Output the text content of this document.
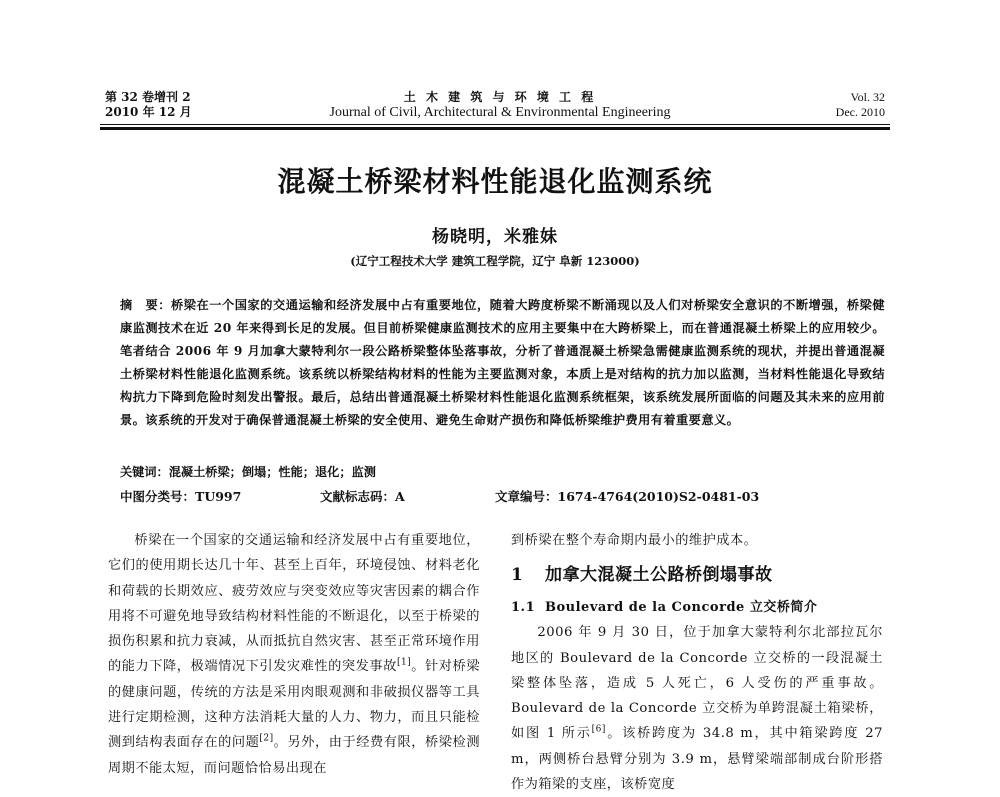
第 32 卷增刊 2
2010 年 12 月
土 木 建 筑 与 环 境 工 程
Journal of Civil, Architectural & Environmental Engineering
Vol. 32
Dec. 2010
混凝土桥梁材料性能退化监测系统
杨晓明，米雅妹
(辽宁工程技术大学 建筑工程学院，辽宁 阜新 123000)
摘　要：桥梁在一个国家的交通运输和经济发展中占有重要地位，随着大跨度桥梁不断涌现以及人们对桥梁安全意识的不断增强，桥梁健康监测技术在近 20 年来得到长足的发展。但目前桥梁健康监测技术的应用主要集中在大跨桥梁上，而在普通混凝土桥梁上的应用较少。笔者结合 2006 年 9 月加拿大蒙特利尔一段公路桥梁整体坠落事故，分析了普通混凝土桥梁急需健康监测系统的现状，并提出普通混凝土桥梁材料性能退化监测系统。该系统以桥梁结构材料的性能为主要监测对象，本质上是对结构的抗力加以监测，当材料性能退化导致结构抗力下降到危险时刻发出警报。最后，总结出普通混凝土桥梁材料性能退化监测系统框架，该系统发展所面临的问题及其未来的应用前景。该系统的开发对于确保普通混凝土桥梁的安全使用、避免生命财产损伤和降低桥梁维护费用有着重要意义。
关键词：混凝土桥梁；倒塌；性能；退化；监测
中图分类号：TU997	文献标志码：A	文章编号：1674-4764(2010)S2-0481-03

桥梁在一个国家的交通运输和经济发展中占有重要地位，它们的使用期长达几十年、甚至上百年，环境侵蚀、材料老化和荷载的长期效应、疲劳效应与突变效应等灾害因素的耦合作用将不可避免地导致结构材料性能的不断退化，以至于桥梁的损伤积累和抗力衰减，从而抵抗自然灾害、甚至正常环境作用的能力下降，极端情况下引发灾难性的突发事故[1]。针对桥梁的健康问题，传统的方法是采用肉眼观测和非破损仪器等工具进行定期检测，这种方法消耗大量的人力、物力，而且只能检测到结构表面存在的问题[2]。另外，由于经费有限，桥梁检测周期不能太短，而问题恰恰易出现在

到桥梁在整个寿命期内最小的维护成本。

1 加拿大混凝土公路桥倒塌事故
1.1 Boulevard de la Concorde 立交桥简介

2006 年 9 月 30 日，位于加拿大蒙特利尔北部拉瓦尔地区的 Boulevard de la Concorde 立交桥的一段混凝土梁整体坠落，造成 5 人死亡，6 人受伤的严重事故。Boulevard de la Concorde 立交桥为单跨混凝土箱梁桥，如图 1 所示[6]。该桥跨度为 34.8 m，其中箱梁跨度 27 m，两侧桥台悬臂分别为 3.9 m，悬臂梁端部制成台阶形搭作为箱梁的支座，该桥宽度
